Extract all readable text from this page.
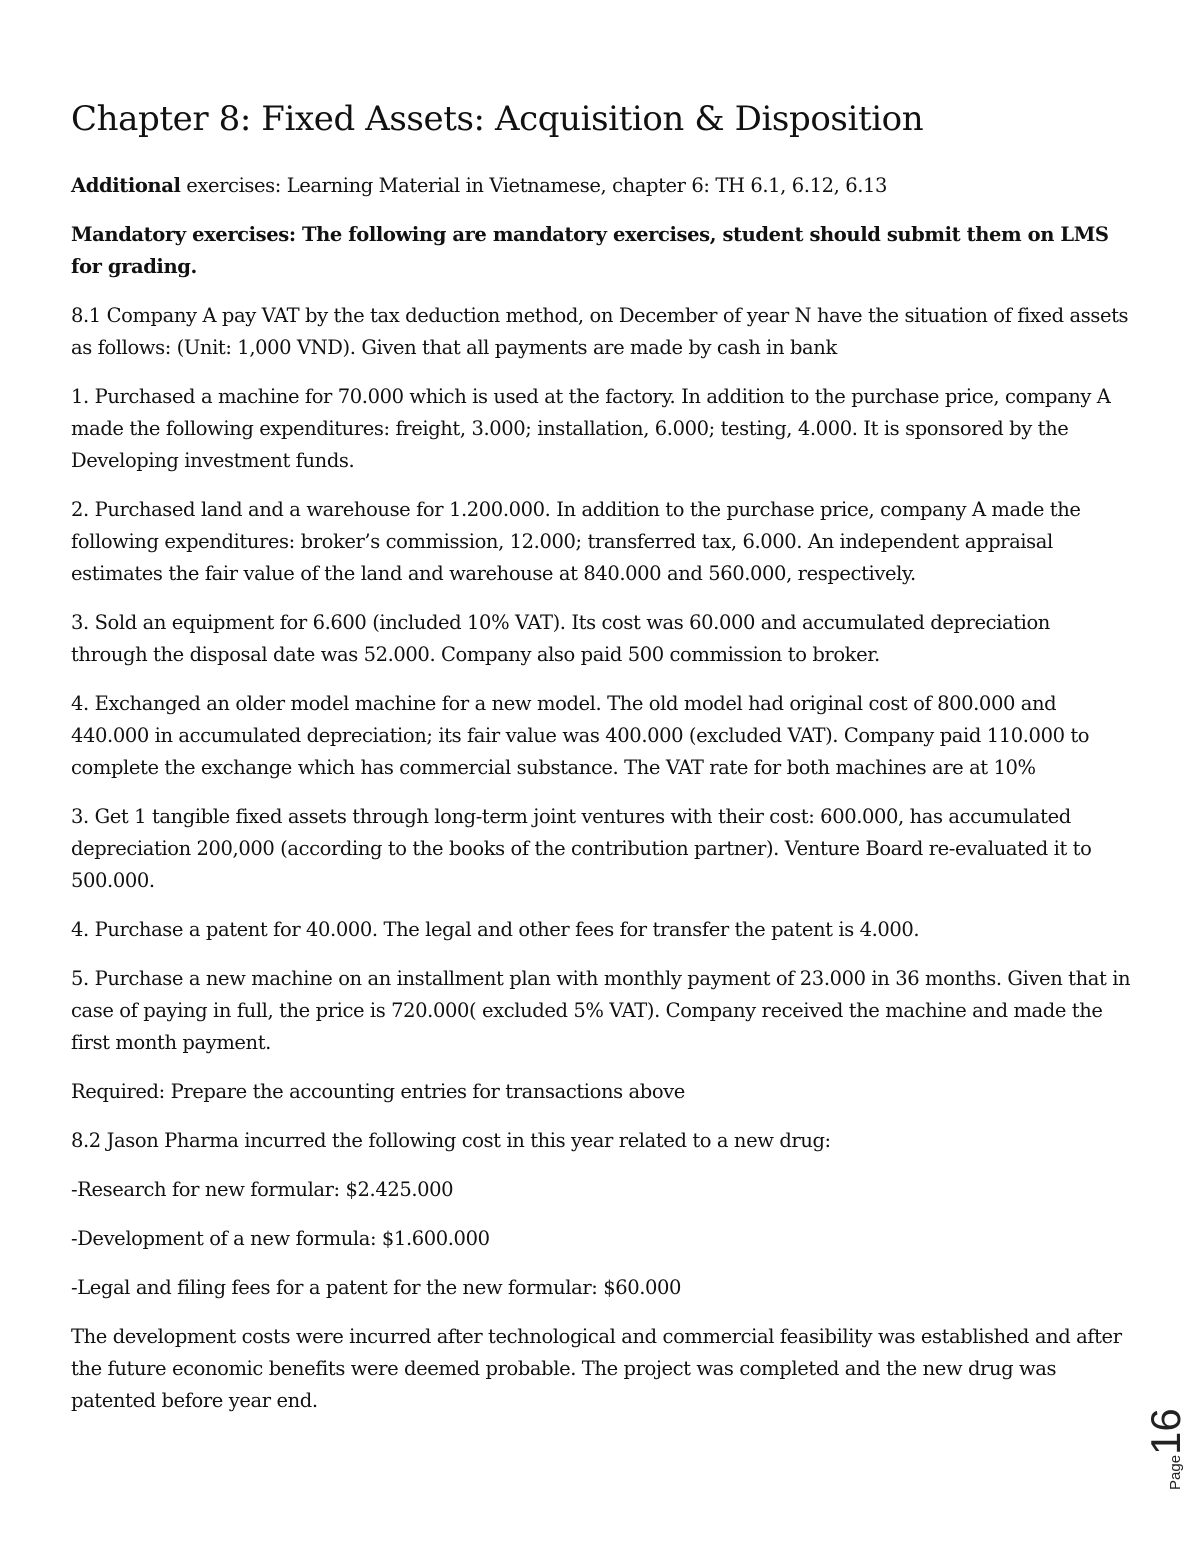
Chapter 8: Fixed Assets: Acquisition & Disposition

Additional exercises: Learning Material in Vietnamese, chapter 6: TH 6.1, 6.12, 6.13

Mandatory exercises: The following are mandatory exercises, student should submit them on LMS for grading.

8.1 Company A pay VAT by the tax deduction method, on December of year N have the situation of fixed assets as follows: (Unit: 1,000 VND). Given that all payments are made by cash in bank

1. Purchased a machine for 70.000 which is used at the factory. In addition to the purchase price, company A made the following expenditures: freight, 3.000; installation, 6.000; testing, 4.000. It is sponsored by the Developing investment funds.

2. Purchased land and a warehouse for 1.200.000. In addition to the purchase price, company A made the following expenditures: broker’s commission, 12.000; transferred tax, 6.000. An independent appraisal estimates the fair value of the land and warehouse at 840.000 and 560.000, respectively.

3. Sold an equipment for 6.600 (included 10% VAT). Its cost was 60.000 and accumulated depreciation through the disposal date was 52.000. Company also paid 500 commission to broker.

4. Exchanged an older model machine for a new model. The old model had original cost of 800.000 and 440.000 in accumulated depreciation; its fair value was 400.000 (excluded VAT). Company paid 110.000 to complete the exchange which has commercial substance. The VAT rate for both machines are at 10%

3. Get 1 tangible fixed assets through long-term joint ventures with their cost: 600.000, has accumulated depreciation 200,000 (according to the books of the contribution partner). Venture Board re-evaluated it to 500.000.

4. Purchase a patent for 40.000. The legal and other fees for transfer the patent is 4.000.

5. Purchase a new machine on an installment plan with monthly payment of 23.000 in 36 months. Given that in case of paying in full, the price is 720.000( excluded 5% VAT). Company received the machine and made the first month payment.

Required: Prepare the accounting entries for transactions above

8.2 Jason Pharma incurred the following cost in this year related to a new drug:

-Research for new formular: $2.425.000

-Development of a new formula: $1.600.000

-Legal and filing fees for a patent for the new formular: $60.000

The development costs were incurred after technological and commercial feasibility was established and after the future economic benefits were deemed probable. The project was completed and the new drug was patented before year end.

Page16
